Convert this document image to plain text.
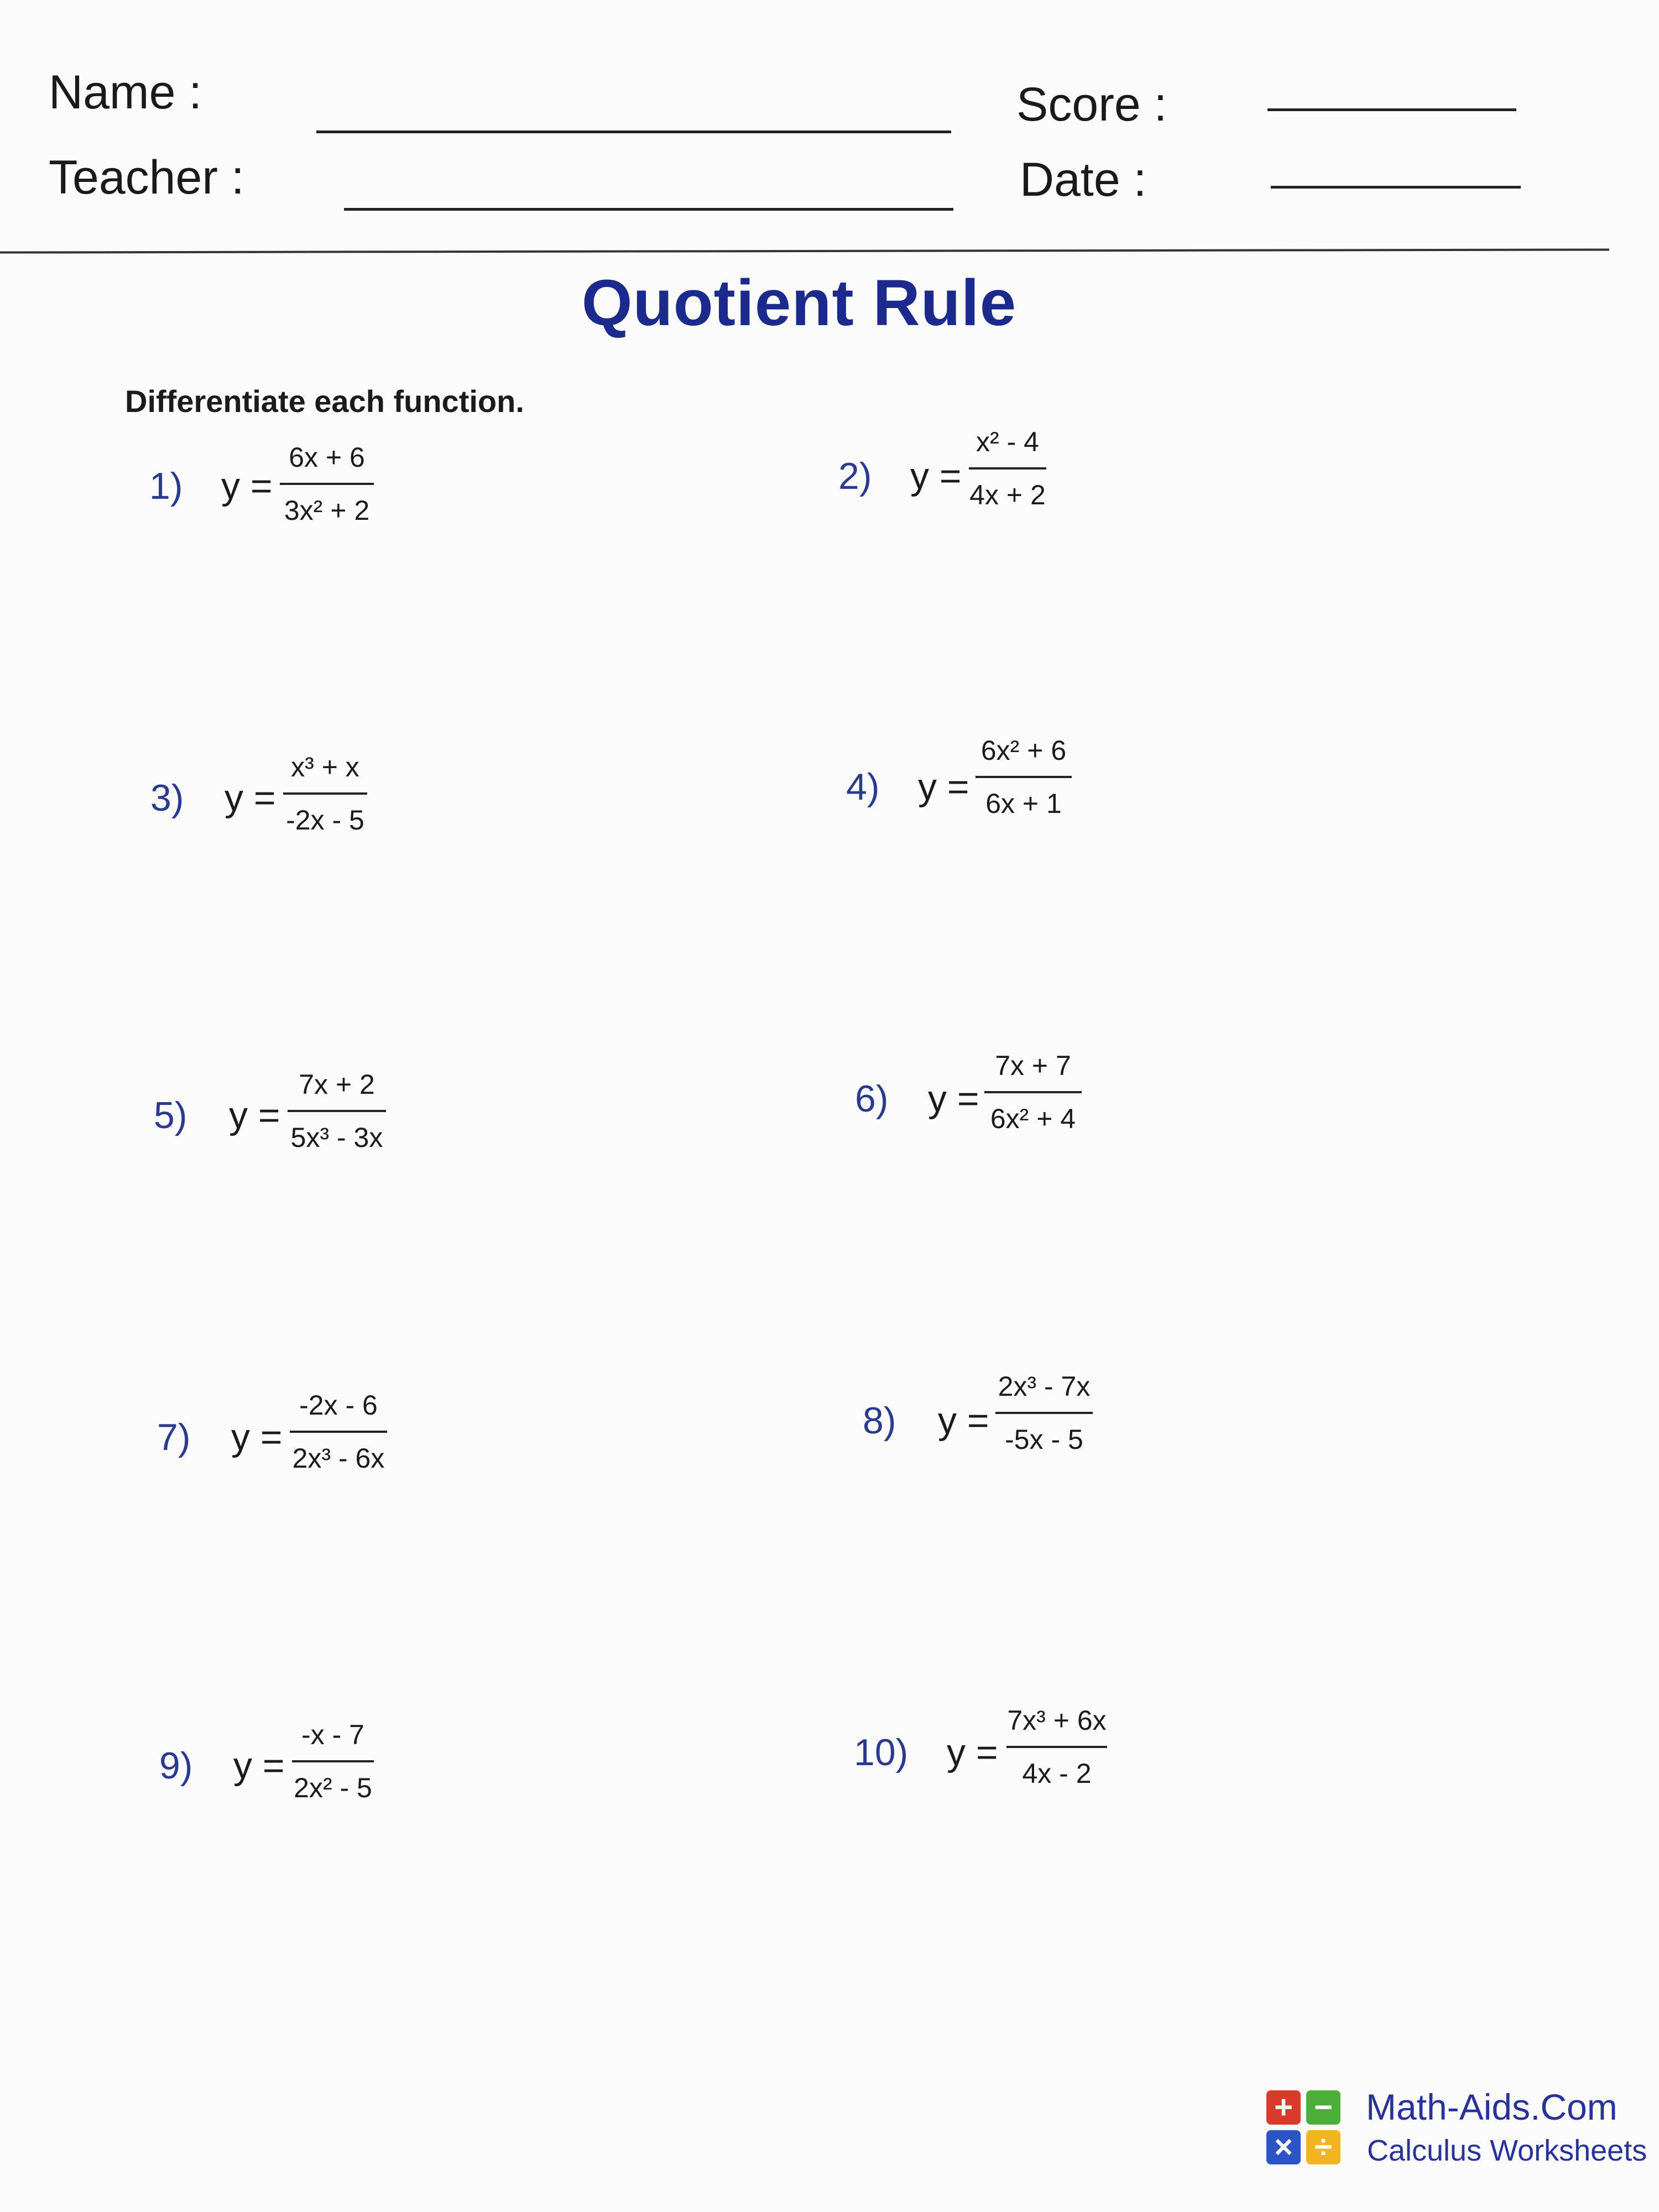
Name :
Teacher :
Score :
Date :
Quotient Rule
Differentiate each function.
1) y =
6x + 6
3x² + 2
2) y =
x² - 4
4x + 2
3) y =
x³ + x
-2x - 5
4) y =
6x² + 6
6x + 1
5) y =
7x + 2
5x³ - 3x
6) y =
7x + 7
6x² + 4
7) y =
-2x - 6
2x³ - 6x
8) y =
2x³ - 7x
-5x - 5
9) y =
-x - 7
2x² - 5
10) y =
7x³ + 6x
4x - 2
+ −
× ÷
Math-Aids.Com
Calculus Worksheets
